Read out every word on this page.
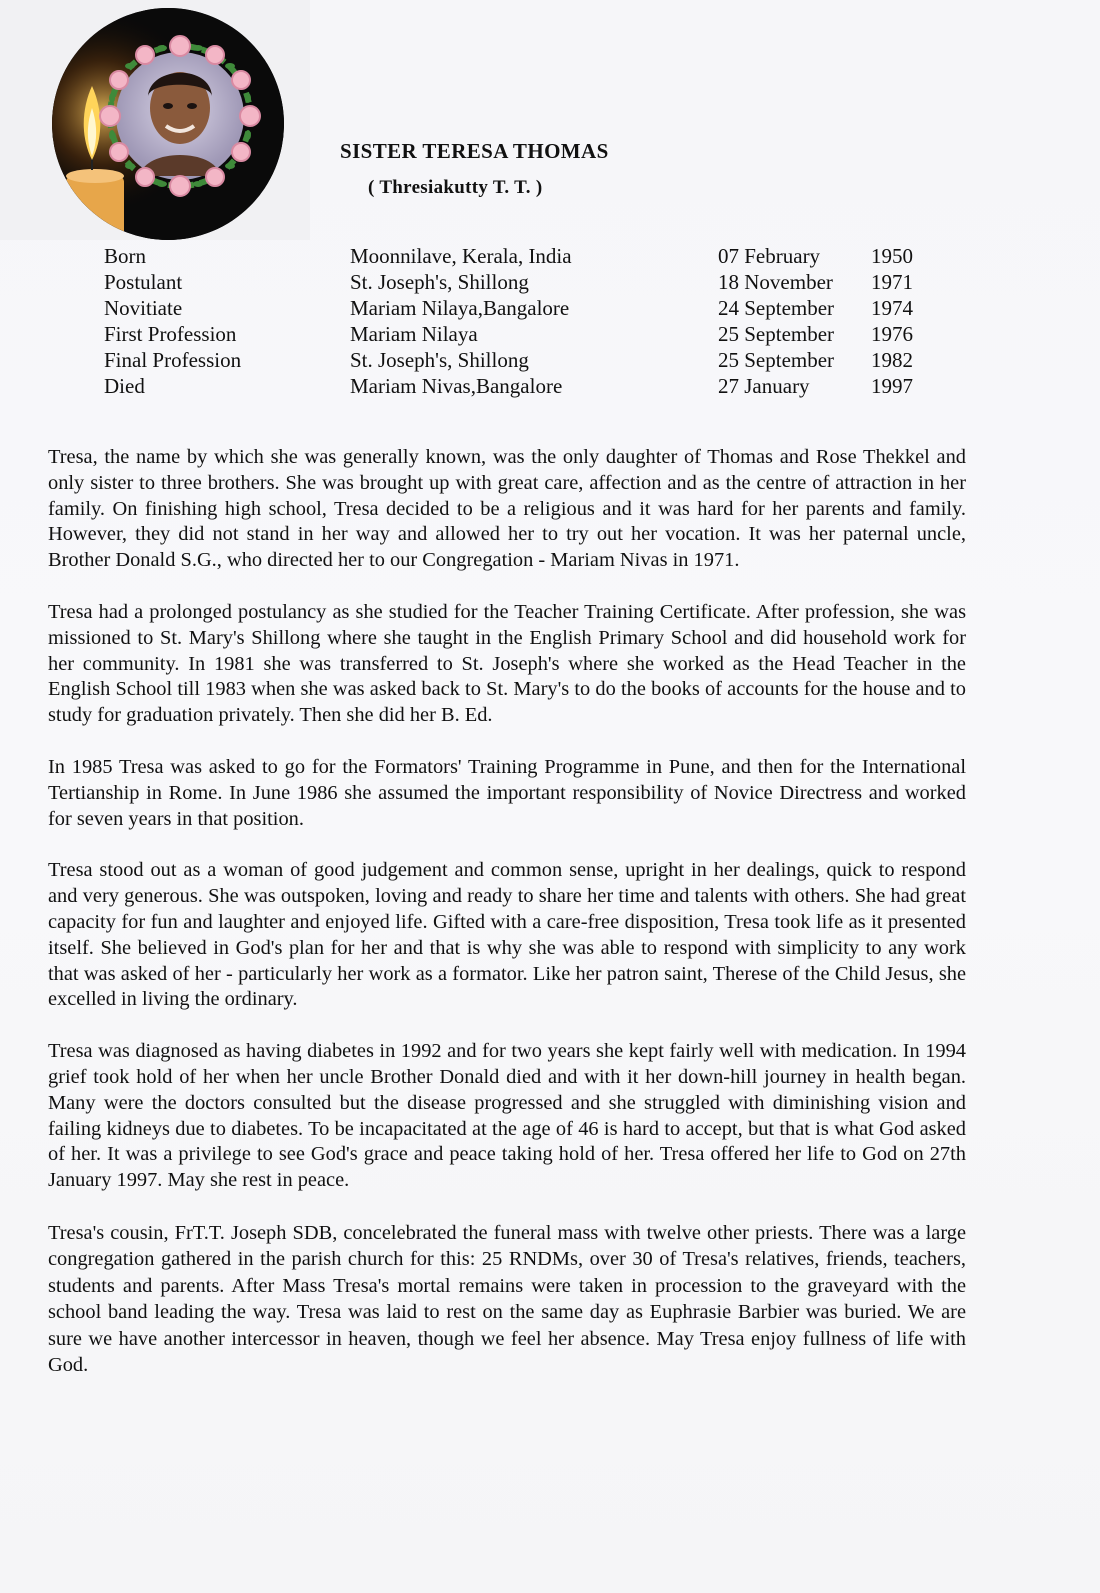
SISTER TERESA THOMAS
( Thresiakutty T. T. )
Born	Moonnilave, Kerala, India	07 February 1950
Postulant	St. Joseph's, Shillong	18 November 1971
Novitiate	Mariam Nilaya,Bangalore	24 September 1974
First Profession	Mariam Nilaya	25 September 1976
Final Profession	St. Joseph's, Shillong	25 September 1982
Died	Mariam Nivas,Bangalore	27 January	1997

Tresa, the name by which she was generally known, was the only daughter of Thomas and Rose Thekkel and only sister to three brothers. She was brought up with great care, affection and as the centre of attraction in her family. On finishing high school, Tresa decided to be a religious and it was hard for her parents and family. However, they did not stand in her way and allowed her to try out her vocation. It was her paternal uncle, Brother Donald S.G., who directed her to our Congregation - Mariam Nivas in 1971.

Tresa had a prolonged postulancy as she studied for the Teacher Training Certificate. After profession, she was missioned to St. Mary's Shillong where she taught in the English Primary School and did household work for her community. In 1981 she was transferred to St. Joseph's where she worked as the Head Teacher in the English School till 1983 when she was asked back to St. Mary's to do the books of accounts for the house and to study for graduation privately. Then she did her B. Ed.

In 1985 Tresa was asked to go for the Formators' Training Programme in Pune, and then for the International Tertianship in Rome. In June 1986 she assumed the important responsibility of Novice Directress and worked for seven years in that position.

Tresa stood out as a woman of good judgement and common sense, upright in her dealings, quick to respond and very generous. She was outspoken, loving and ready to share her time and talents with others. She had great capacity for fun and laughter and enjoyed life. Gifted with a care-free disposition, Tresa took life as it presented itself. She believed in God's plan for her and that is why she was able to respond with simplicity to any work that was asked of her - particularly her work as a formator. Like her patron saint, Therese of the Child Jesus, she excelled in living the ordinary.

Tresa was diagnosed as having diabetes in 1992 and for two years she kept fairly well with medication. In 1994 grief took hold of her when her uncle Brother Donald died and with it her down-hill journey in health began. Many were the doctors consulted but the disease progressed and she struggled with diminishing vision and failing kidneys due to diabetes. To be incapacitated at the age of 46 is hard to accept, but that is what God asked of her. It was a privilege to see God's grace and peace taking hold of her. Tresa offered her life to God on 27th January 1997. May she rest in peace.

Tresa's cousin, FrT.T. Joseph SDB, concelebrated the funeral mass with twelve other priests. There was a large congregation gathered in the parish church for this: 25 RNDMs, over 30 of Tresa's relatives, friends, teachers, students and parents. After Mass Tresa's mortal remains were taken in procession to the graveyard with the school band leading the way. Tresa was laid to rest on the same day as Euphrasie Barbier was buried. We are sure we have another intercessor in heaven, though we feel her absence. May Tresa enjoy fullness of life with God.
